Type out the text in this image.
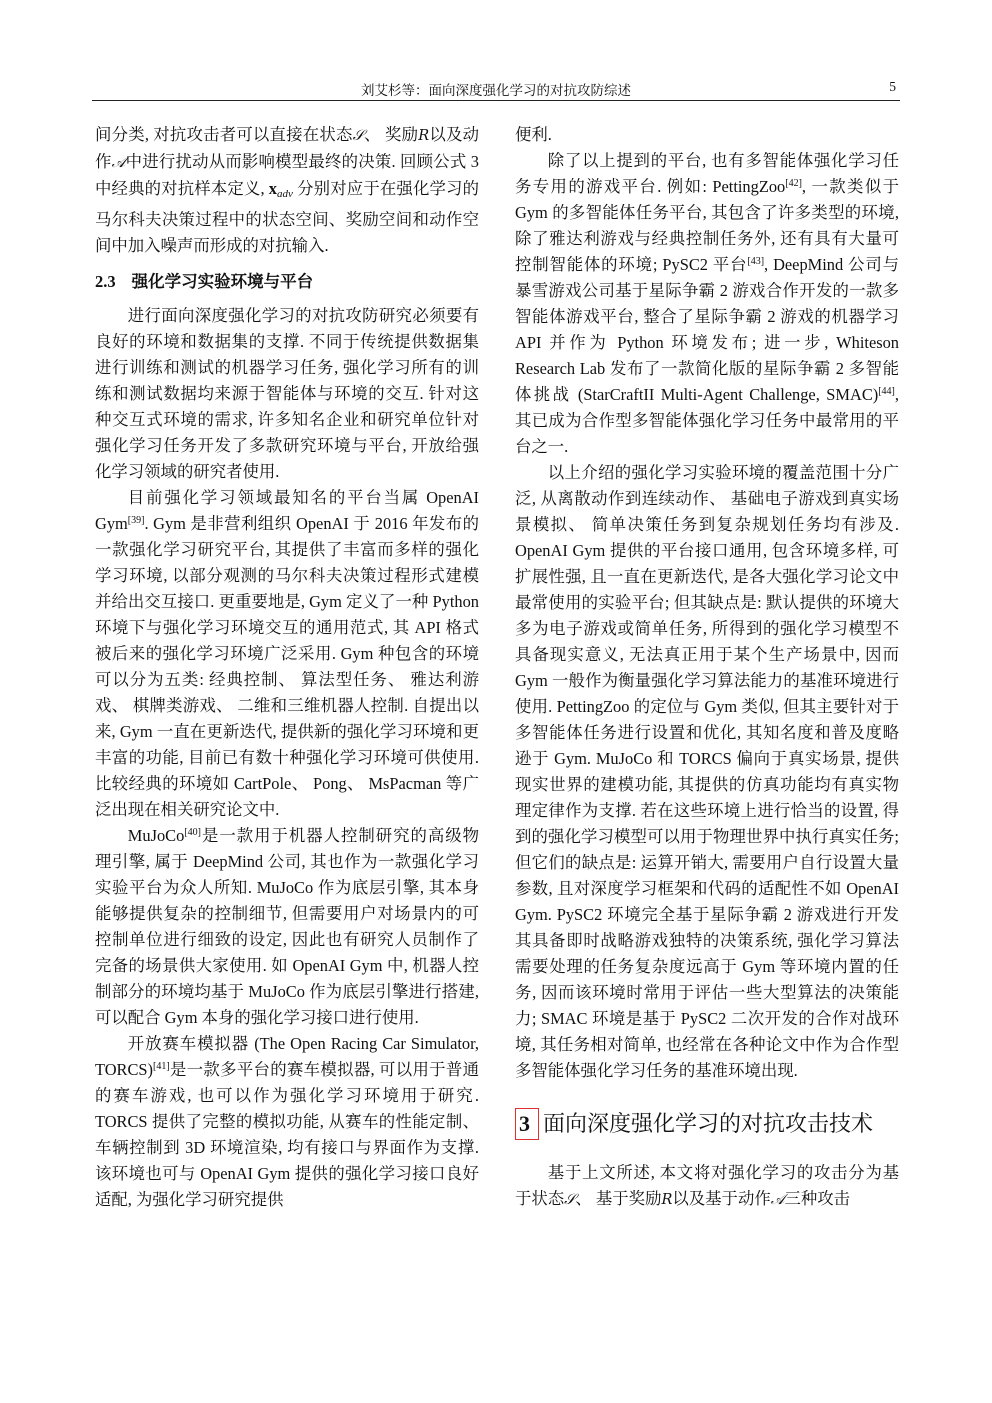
刘艾杉等：面向深度强化学习的对抗攻防综述	5

间分类, 对抗攻击者可以直接在状态𝒮、 奖励R以及动作𝒜中进行扰动从而影响模型最终的决策. 回顾公式 3 中经典的对抗样本定义, $x_{adv}$ 分别对应于在强化学习的马尔科夫决策过程中的状态空间、奖励空间和动作空间中加入噪声而形成的对抗输入.

2.3 强化学习实验环境与平台

进行面向深度强化学习的对抗攻防研究必须要有良好的环境和数据集的支撑. 不同于传统提供数据集进行训练和测试的机器学习任务, 强化学习所有的训练和测试数据均来源于智能体与环境的交互. 针对这种交互式环境的需求, 许多知名企业和研究单位针对强化学习任务开发了多款研究环境与平台, 开放给强化学习领域的研究者使用.

目前强化学习领域最知名的平台当属 OpenAI Gym[39]. Gym 是非营利组织 OpenAI 于 2016 年发布的一款强化学习研究平台, 其提供了丰富而多样的强化学习环境, 以部分观测的马尔科夫决策过程形式建模并给出交互接口. 更重要地是, Gym 定义了一种 Python 环境下与强化学习环境交互的通用范式, 其 API 格式被后来的强化学习环境广泛采用. Gym 种包含的环境可以分为五类: 经典控制、 算法型任务、 雅达利游戏、 棋牌类游戏、 二维和三维机器人控制. 自提出以来, Gym 一直在更新迭代, 提供新的强化学习环境和更丰富的功能, 目前已有数十种强化学习环境可供使用. 比较经典的环境如 CartPole、 Pong、 MsPacman 等广泛出现在相关研究论文中.

MuJoCo[40]是一款用于机器人控制研究的高级物理引擎, 属于 DeepMind 公司, 其也作为一款强化学习实验平台为众人所知. MuJoCo 作为底层引擎, 其本身能够提供复杂的控制细节, 但需要用户对场景内的可控制单位进行细致的设定, 因此也有研究人员制作了完备的场景供大家使用. 如 OpenAI Gym 中, 机器人控制部分的环境均基于 MuJoCo 作为底层引擎进行搭建, 可以配合 Gym 本身的强化学习接口进行使用.

开放赛车模拟器 (The Open Racing Car Simulator, TORCS)[41]是一款多平台的赛车模拟器, 可以用于普通的赛车游戏, 也可以作为强化学习环境用于研究. TORCS 提供了完整的模拟功能, 从赛车的性能定制、 车辆控制到 3D 环境渲染, 均有接口与界面作为支撑. 该环境也可与 OpenAI Gym 提供的强化学习接口良好适配, 为强化学习研究提供

便利.

除了以上提到的平台, 也有多智能体强化学习任务专用的游戏平台. 例如: PettingZoo[42], 一款类似于 Gym 的多智能体任务平台, 其包含了许多类型的环境, 除了雅达利游戏与经典控制任务外, 还有具有大量可控制智能体的环境; PySC2 平台[43], DeepMind 公司与暴雪游戏公司基于星际争霸 2 游戏合作开发的一款多智能体游戏平台, 整合了星际争霸 2 游戏的机器学习 API 并作为 Python 环境发布; 进一步, Whiteson Research Lab 发布了一款简化版的星际争霸 2 多智能体挑战 (StarCraftII Multi-Agent Challenge, SMAC)[44], 其已成为合作型多智能体强化学习任务中最常用的平台之一.

以上介绍的强化学习实验环境的覆盖范围十分广泛, 从离散动作到连续动作、 基础电子游戏到真实场景模拟、 简单决策任务到复杂规划任务均有涉及. OpenAI Gym 提供的平台接口通用, 包含环境多样, 可扩展性强, 且一直在更新迭代, 是各大强化学习论文中最常使用的实验平台; 但其缺点是: 默认提供的环境大多为电子游戏或简单任务, 所得到的强化学习模型不具备现实意义, 无法真正用于某个生产场景中, 因而 Gym 一般作为衡量强化学习算法能力的基准环境进行使用. PettingZoo 的定位与 Gym 类似, 但其主要针对于多智能体任务进行设置和优化, 其知名度和普及度略逊于 Gym. MuJoCo 和 TORCS 偏向于真实场景, 提供现实世界的建模功能, 其提供的仿真功能均有真实物理定律作为支撑. 若在这些环境上进行恰当的设置, 得到的强化学习模型可以用于物理世界中执行真实任务; 但它们的缺点是: 运算开销大, 需要用户自行设置大量参数, 且对深度学习框架和代码的适配性不如 OpenAI Gym. PySC2 环境完全基于星际争霸 2 游戏进行开发其具备即时战略游戏独特的决策系统, 强化学习算法需要处理的任务复杂度远高于 Gym 等环境内置的任务, 因而该环境时常用于评估一些大型算法的决策能力; SMAC 环境是基于 PySC2 二次开发的合作对战环境, 其任务相对简单, 也经常在各种论文中作为合作型多智能体强化学习任务的基准环境出现.

3 面向深度强化学习的对抗攻击技术

基于上文所述, 本文将对强化学习的攻击分为基于状态𝒮、 基于奖励R以及基于动作𝒜三种攻击
